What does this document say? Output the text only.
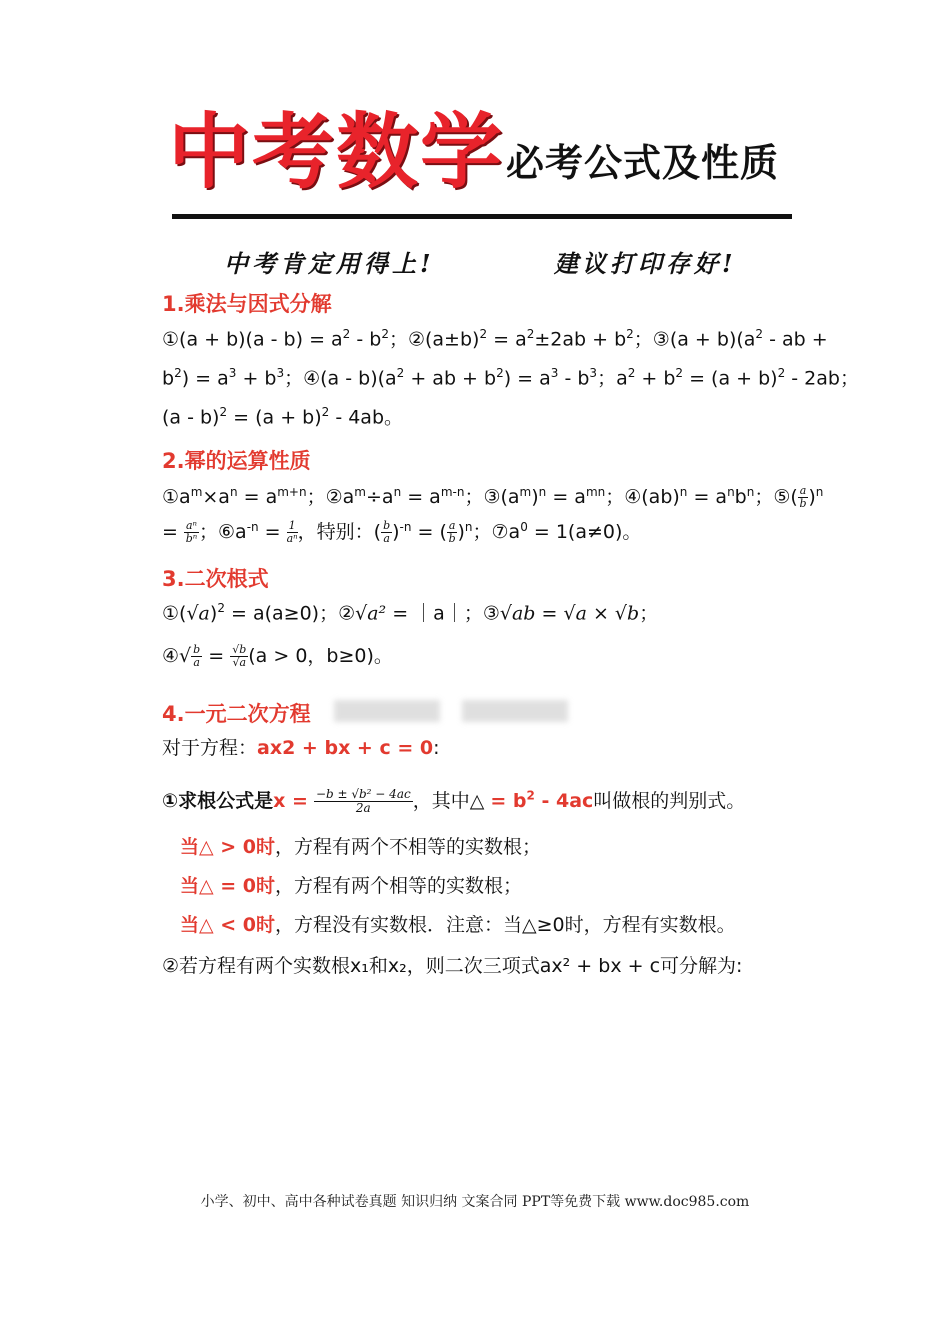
中考数学 必考公式及性质
中考肯定用得上!	建议打印存好!
1.乘法与因式分解
①(a + $b)(a - b) = a^2 - b^2$；$②(a\pm b)^2 = a^2\pm 2ab + b^2$；③(a + $b)(a^2$ - ab +
$b^2) = a^3 + b^3$；④(a - $b)(a^2$ + ab + $b^2) = a^3 - b^3$；$a^2 + b^2 = (a + b)^2 - 2ab$；
$(a - b)^2 = (a + b)^2 - 4ab$。
2.幂的运算性质
$①a^m\times a^n = a^{m+n}$；$②a^m\div a^n = a^{m-n}$；$③(a^m)^n = a^{mn}$；④(ab)$^n$ = $a^nb^n$；⑤( $\frac{a}{b} )^n$
= $\frac{\text{aⁿ}}{\text{bⁿ}}$ ；$⑥a^{-n} = \frac{1}{\text{aⁿ}}$ ，特别：( $\frac{b}{a} )^{-n}$ = ( $\frac{a}{b} )^n$；$⑦a^0 = 1(a\ne 0)$。
3.二次根式
$①(√a)^2 = a(a\ge 0)$；②√a² = ｜a｜；③√ab = √a × √b；
④√ $\frac{b}{a} = \frac{√b}{√a} (a > 0$，b≥0)。
4.一元二次方程
对于方程：ax2 + bx + c = 0:
①求根公式是$x = \frac{\text{−b ± √b² − 4ac}}{2a}$ ，其中△ = $b^2 - 4ac$叫做根的判别式。
当△ > 0时，方程有两个不相等的实数根；
当△ = 0时，方程有两个相等的实数根；
当△ < 0时，方程没有实数根．注意：当△≥0时，方程有实数根。
②若方程有两个实数根x₁和x₂，则二次三项式ax² + bx + c可分解为:
小学、初中、高中各种试卷真题 知识归纳 文案合同 PPT等免费下载 www.doc985.com
